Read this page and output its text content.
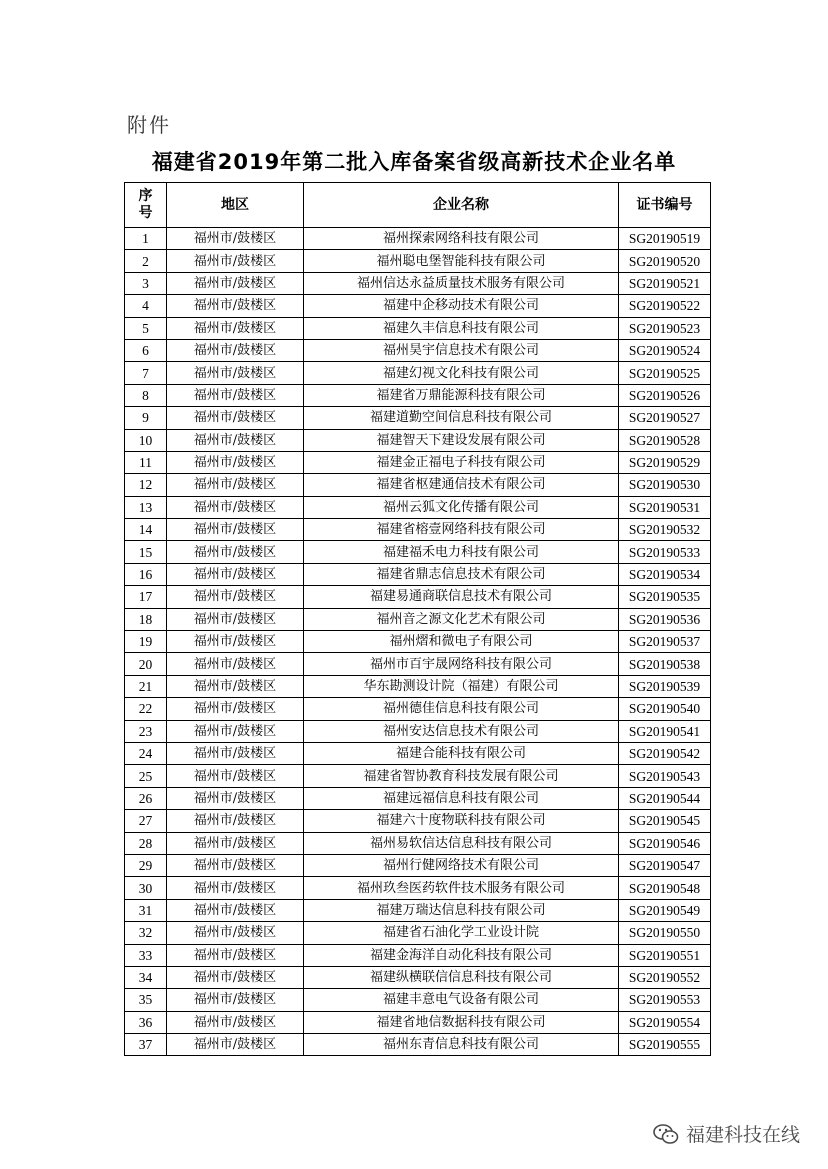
附件
福建省2019年第二批入库备案省级高新技术企业名单
序
号	地区	企业名称	证书编号
1	福州市/鼓楼区	福州探索网络科技有限公司	SG20190519
2	福州市/鼓楼区	福州聪电堡智能科技有限公司	SG20190520
3	福州市/鼓楼区	福州信达永益质量技术服务有限公司	SG20190521
4	福州市/鼓楼区	福建中企移动技术有限公司	SG20190522
5	福州市/鼓楼区	福建久丰信息科技有限公司	SG20190523
6	福州市/鼓楼区	福州昊宇信息技术有限公司	SG20190524
7	福州市/鼓楼区	福建幻视文化科技有限公司	SG20190525
8	福州市/鼓楼区	福建省万鼎能源科技有限公司	SG20190526
9	福州市/鼓楼区	福建道勤空间信息科技有限公司	SG20190527
10	福州市/鼓楼区	福建智天下建设发展有限公司	SG20190528
11	福州市/鼓楼区	福建金正福电子科技有限公司	SG20190529
12	福州市/鼓楼区	福建省枢建通信技术有限公司	SG20190530
13	福州市/鼓楼区	福州云狐文化传播有限公司	SG20190531
14	福州市/鼓楼区	福建省榕壹网络科技有限公司	SG20190532
15	福州市/鼓楼区	福建福禾电力科技有限公司	SG20190533
16	福州市/鼓楼区	福建省鼎志信息技术有限公司	SG20190534
17	福州市/鼓楼区	福建易通商联信息技术有限公司	SG20190535
18	福州市/鼓楼区	福州音之源文化艺术有限公司	SG20190536
19	福州市/鼓楼区	福州熠和微电子有限公司	SG20190537
20	福州市/鼓楼区	福州市百宇晟网络科技有限公司	SG20190538
21	福州市/鼓楼区	华东勘测设计院（福建）有限公司	SG20190539
22	福州市/鼓楼区	福州德佳信息科技有限公司	SG20190540
23	福州市/鼓楼区	福州安达信息技术有限公司	SG20190541
24	福州市/鼓楼区	福建合能科技有限公司	SG20190542
25	福州市/鼓楼区	福建省智协教育科技发展有限公司	SG20190543
26	福州市/鼓楼区	福建远福信息科技有限公司	SG20190544
27	福州市/鼓楼区	福建六十度物联科技有限公司	SG20190545
28	福州市/鼓楼区	福州易软信达信息科技有限公司	SG20190546
29	福州市/鼓楼区	福州行健网络技术有限公司	SG20190547
30	福州市/鼓楼区	福州玖叁医药软件技术服务有限公司	SG20190548
31	福州市/鼓楼区	福建万瑞达信息科技有限公司	SG20190549
32	福州市/鼓楼区	福建省石油化学工业设计院	SG20190550
33	福州市/鼓楼区	福建金海洋自动化科技有限公司	SG20190551
34	福州市/鼓楼区	福建纵横联信信息科技有限公司	SG20190552
35	福州市/鼓楼区	福建丰意电气设备有限公司	SG20190553
36	福州市/鼓楼区	福建省地信数据科技有限公司	SG20190554
37	福州市/鼓楼区	福州东青信息科技有限公司	SG20190555
福建科技在线
